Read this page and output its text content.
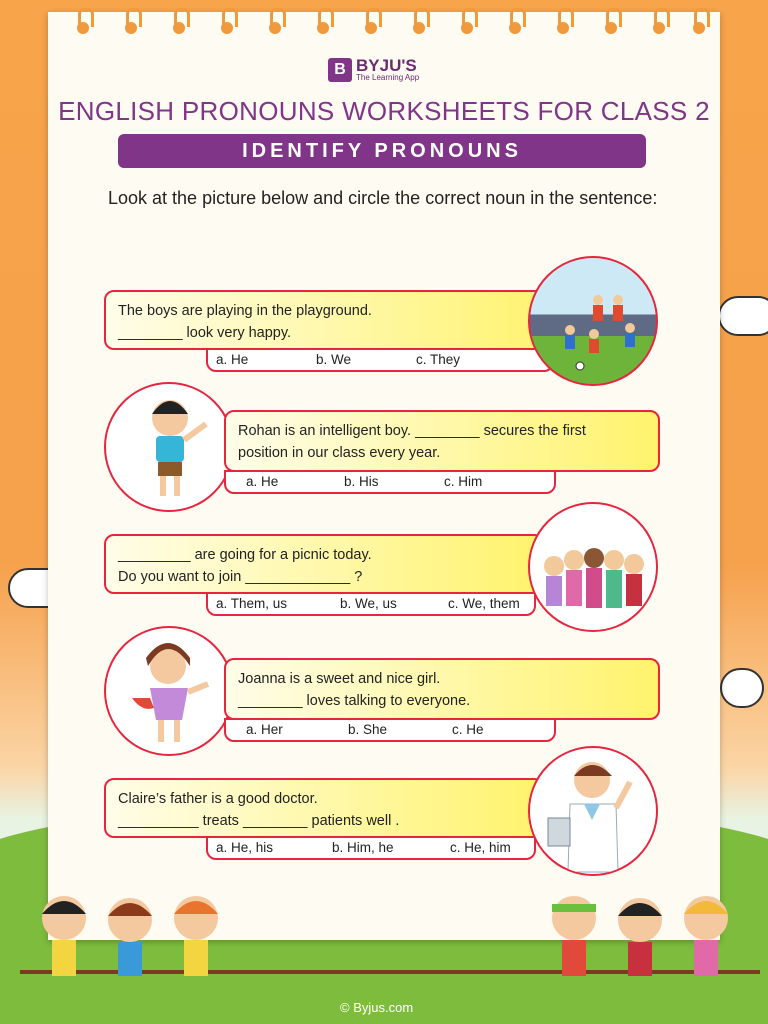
B BYJU'S
The Learning App
ENGLISH PRONOUNS WORKSHEETS FOR CLASS 2
IDENTIFY PRONOUNS
Look at the picture below and circle the correct noun in the sentence:
The boys are playing in the playground.
________ look very happy.
a. He	b. We	c. They
Rohan is an intelligent boy. ________ secures the first
position in our class every year.
a. He	b. His	c. Him
_________ are going for a picnic today.
Do you want to join _____________ ?
a. Them, us	b. We, us	c. We, them
Joanna is a sweet and nice girl.
________ loves talking to everyone.
a. Her	b. She	c. He
Claire’s father is a good doctor.
__________ treats ________ patients well .
a. He, his	b. Him, he	c. He, him
© Byjus.com
